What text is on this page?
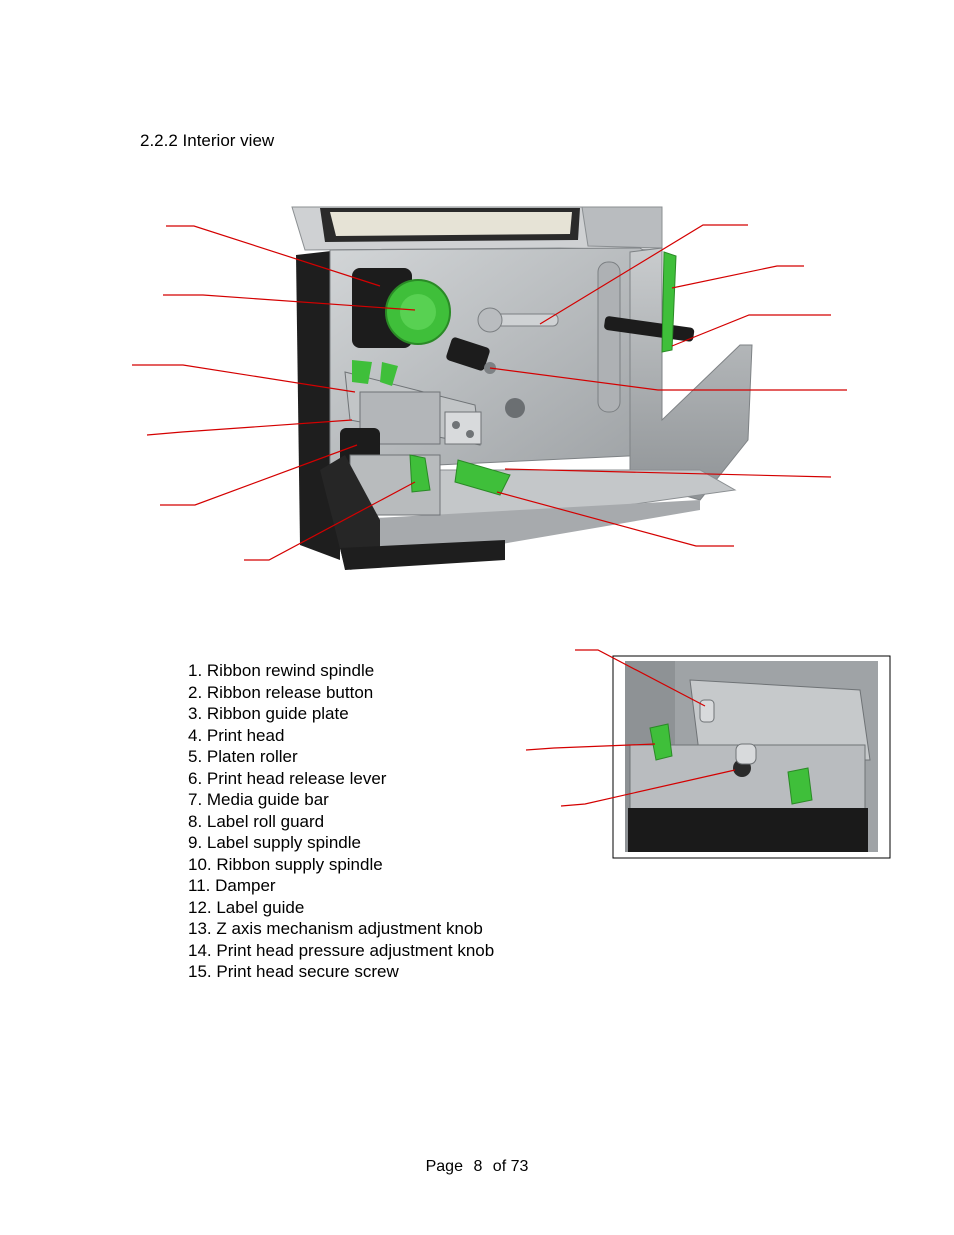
2.2.2 Interior view
1. Ribbon rewind spindle
2. Ribbon release button
3. Ribbon guide plate
4. Print head
5. Platen roller
6. Print head release lever
7. Media guide bar
8. Label roll guard
9. Label supply spindle
10. Ribbon supply spindle
11. Damper
12. Label guide
13. Z axis mechanism adjustment knob
14. Print head pressure adjustment knob
15. Print head secure screw
Page 8 of 73
